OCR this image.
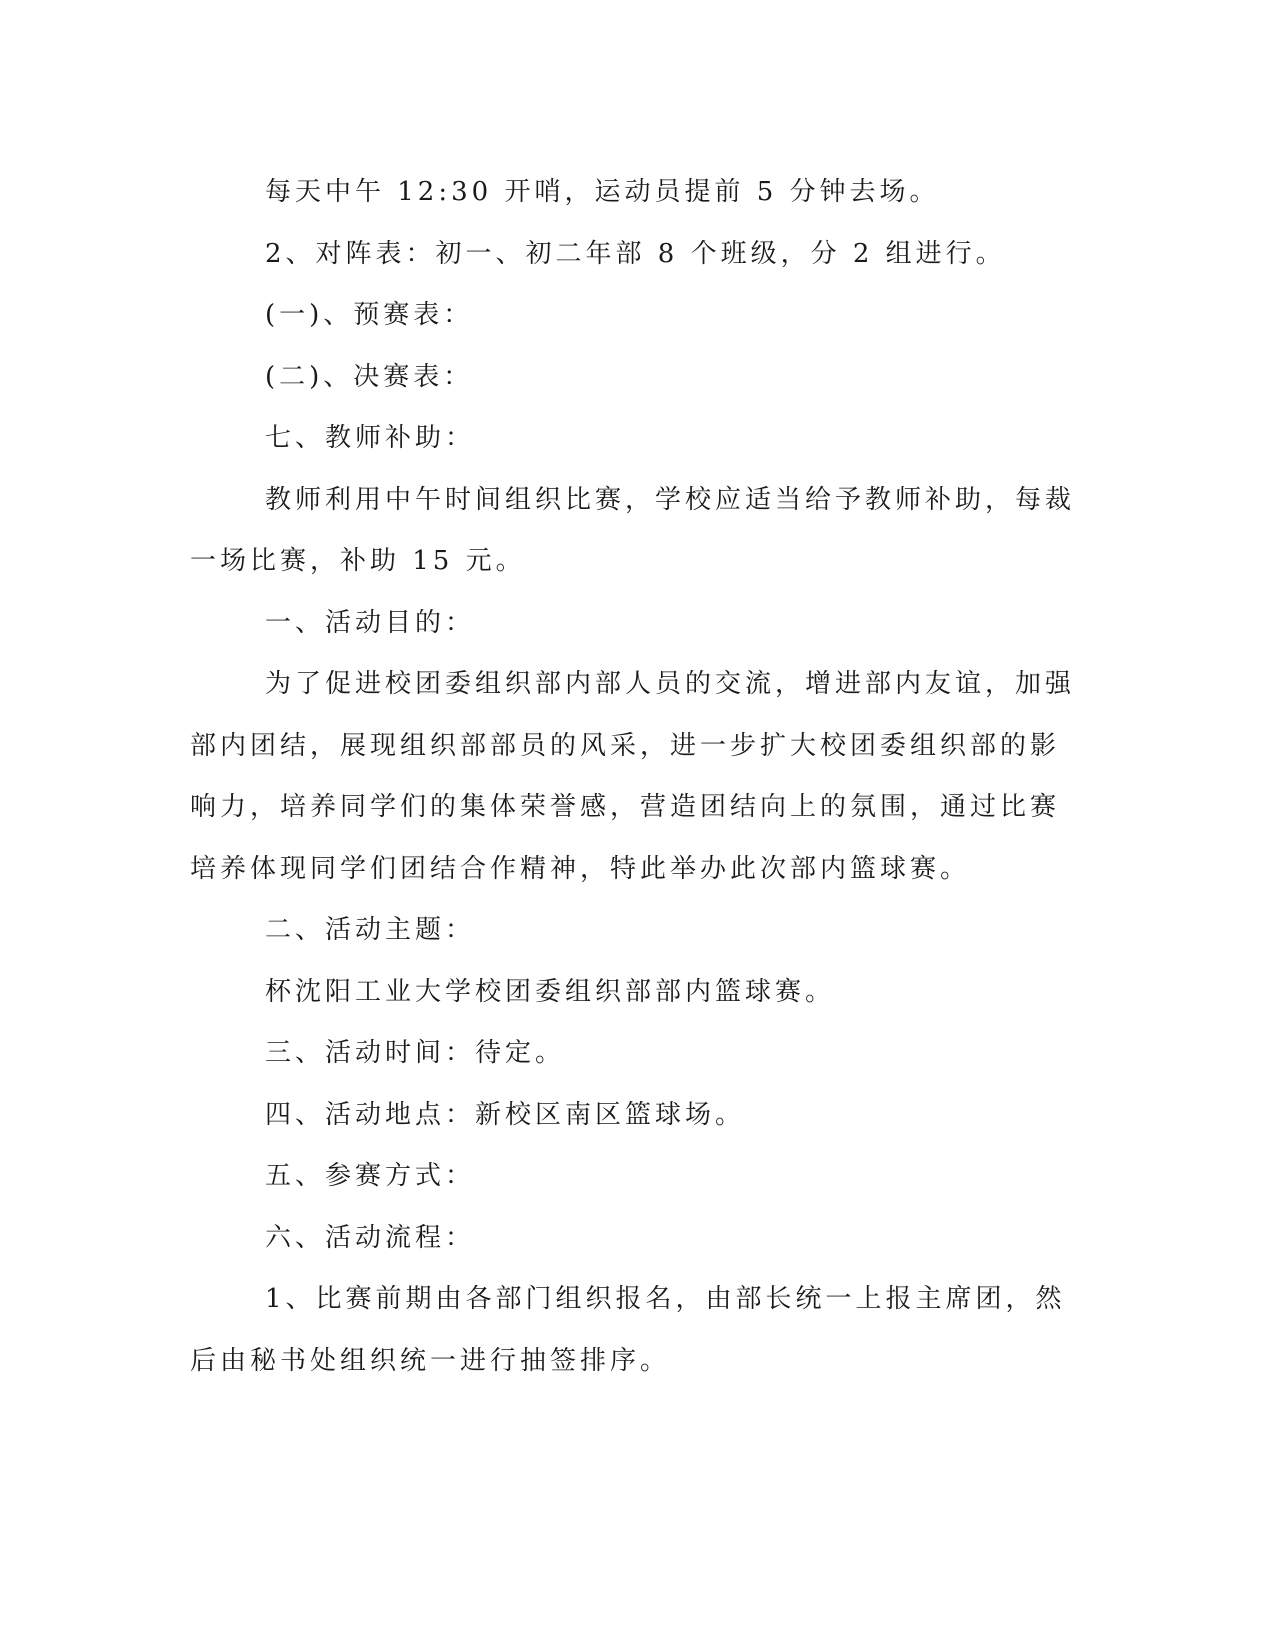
每天中午 12:30 开哨，运动员提前 5 分钟去场。

2、对阵表：初一、初二年部 8 个班级，分 2 组进行。

(一)、预赛表：

(二)、决赛表：

七、教师补助：

教师利用中午时间组织比赛，学校应适当给予教师补助，每裁一场比赛，补助 15 元。

一、活动目的：

为了促进校团委组织部内部人员的交流，增进部内友谊，加强部内团结，展现组织部部员的风采，进一步扩大校团委组织部的影响力，培养同学们的集体荣誉感，营造团结向上的氛围，通过比赛培养体现同学们团结合作精神，特此举办此次部内篮球赛。

二、活动主题：

杯沈阳工业大学校团委组织部部内篮球赛。

三、活动时间：待定。

四、活动地点：新校区南区篮球场。

五、参赛方式：

六、活动流程：

1、比赛前期由各部门组织报名，由部长统一上报主席团，然后由秘书处组织统一进行抽签排序。
